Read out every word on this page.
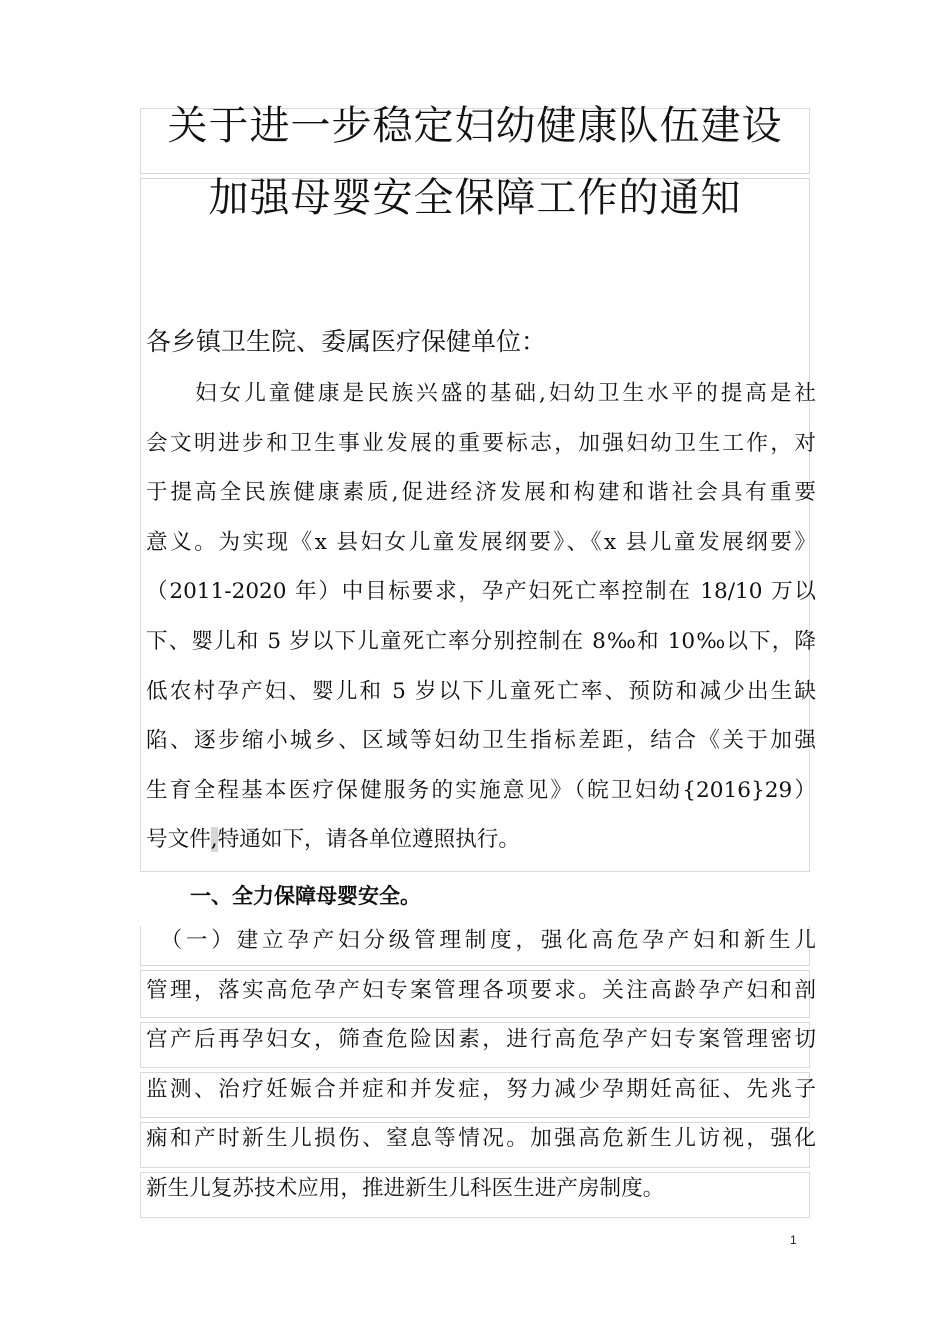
关于进一步稳定妇幼健康队伍建设
加强母婴安全保障工作的通知
各乡镇卫生院、委属医疗保健单位：
　　妇女儿童健康是民族兴盛的基础,妇幼卫生水平的提高是社
会文明进步和卫生事业发展的重要标志，加强妇幼卫生工作，对
于提高全民族健康素质,促进经济发展和构建和谐社会具有重要
意义。为实现《x 县妇女儿童发展纲要》、《x 县儿童发展纲要》
（2011-2020 年）中目标要求，孕产妇死亡率控制在 18/10 万以
下、婴儿和 5 岁以下儿童死亡率分别控制在 8‰和 10‰以下，降
低农村孕产妇、婴儿和 5 岁以下儿童死亡率、预防和减少出生缺
陷、逐步缩小城乡、区域等妇幼卫生指标差距，结合《关于加强
生育全程基本医疗保健服务的实施意见》（皖卫妇幼{2016}29）
号文件,特通如下，请各单位遵照执行。
一、全力保障母婴安全。
　（一）建立孕产妇分级管理制度，强化高危孕产妇和新生儿
管理，落实高危孕产妇专案管理各项要求。关注高龄孕产妇和剖
宫产后再孕妇女，筛查危险因素，进行高危孕产妇专案管理密切
监测、治疗妊娠合并症和并发症，努力减少孕期妊高征、先兆子
痫和产时新生儿损伤、窒息等情况。加强高危新生儿访视，强化
新生儿复苏技术应用，推进新生儿科医生进产房制度。
1
